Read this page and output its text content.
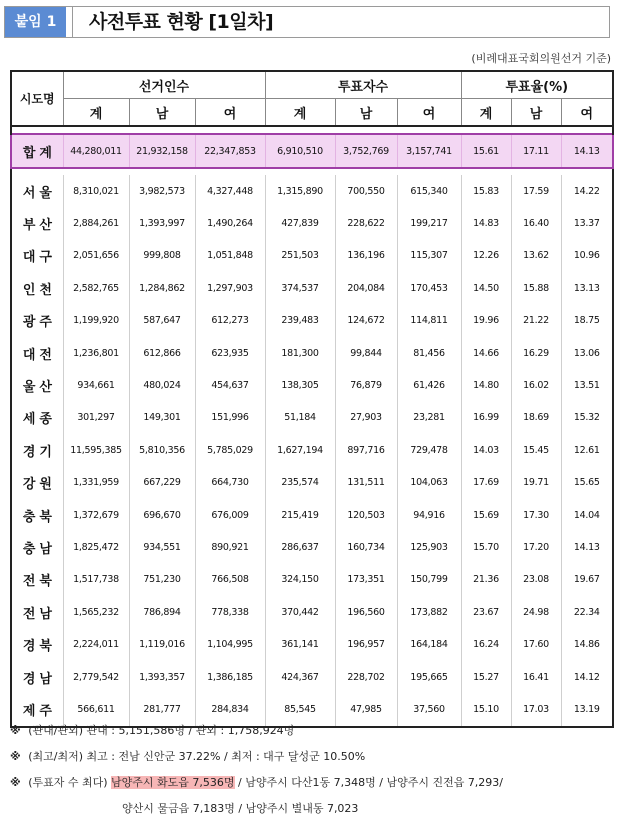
붙임 1	사전투표 현황 [1일차]
(비례대표국회의원선거 기준)
시도명	선거인수			투표자수			투표율(%)		
	계	남	여	계	남	여	계	남	여

합 계	44,280,011	21,932,158	22,347,853	6,910,510	3,752,769	3,157,741	15.61	17.11	14.13

서 울	8,310,021	3,982,573	4,327,448	1,315,890	700,550	615,340	15.83	17.59	14.22
부 산	2,884,261	1,393,997	1,490,264	427,839	228,622	199,217	14.83	16.40	13.37
대 구	2,051,656	999,808	1,051,848	251,503	136,196	115,307	12.26	13.62	10.96
인 천	2,582,765	1,284,862	1,297,903	374,537	204,084	170,453	14.50	15.88	13.13
광 주	1,199,920	587,647	612,273	239,483	124,672	114,811	19.96	21.22	18.75
대 전	1,236,801	612,866	623,935	181,300	99,844	81,456	14.66	16.29	13.06
울 산	934,661	480,024	454,637	138,305	76,879	61,426	14.80	16.02	13.51
세 종	301,297	149,301	151,996	51,184	27,903	23,281	16.99	18.69	15.32
경 기	11,595,385	5,810,356	5,785,029	1,627,194	897,716	729,478	14.03	15.45	12.61
강 원	1,331,959	667,229	664,730	235,574	131,511	104,063	17.69	19.71	15.65
충 북	1,372,679	696,670	676,009	215,419	120,503	94,916	15.69	17.30	14.04
충 남	1,825,472	934,551	890,921	286,637	160,734	125,903	15.70	17.20	14.13
전 북	1,517,738	751,230	766,508	324,150	173,351	150,799	21.36	23.08	19.67
전 남	1,565,232	786,894	778,338	370,442	196,560	173,882	23.67	24.98	22.34
경 북	2,224,011	1,119,016	1,104,995	361,141	196,957	164,184	16.24	17.60	14.86
경 남	2,779,542	1,393,357	1,386,185	424,367	228,702	195,665	15.27	16.41	14.12
제 주	566,611	281,777	284,834	85,545	47,985	37,560	15.10	17.03	13.19
※ (관내/관외) 관내 : 5,151,586명 / 관외 : 1,758,924명
※ (최고/최저) 최고 : 전남 신안군 37.22% / 최저 : 대구 달성군 10.50%
※ (투표자 수 최다) 남양주시 화도읍 7,536명 / 남양주시 다산1동 7,348명 / 남양주시 진전읍 7,293/
양산시 물금읍 7,183명 / 남양주시 별내동 7,023
